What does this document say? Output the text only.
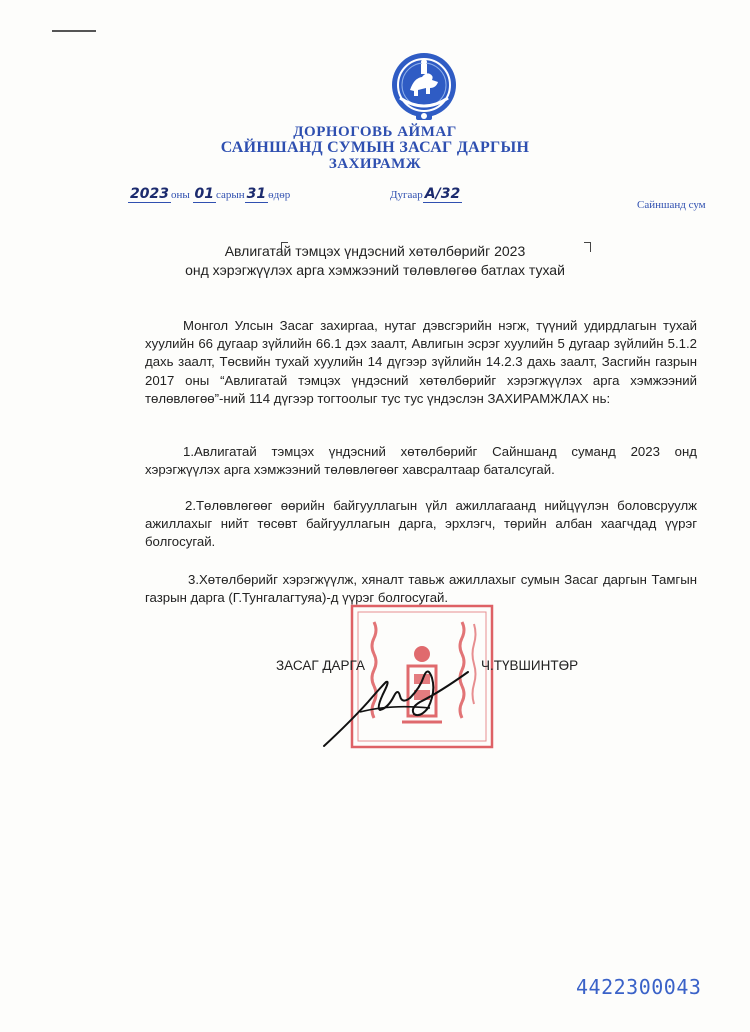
ДОРНОГОВЬ АЙМАГ
САЙНШАНД СУМЫН ЗАСАГ ДАРГЫН
ЗАХИРАМЖ
2023 оны 01 сарын 31 өдөр	Дугаар А/32
Сайншанд сум
Авлигатай тэмцэх үндэсний хөтөлбөрийг 2023
онд хэрэгжүүлэх арга хэмжээний төлөвлөгөө батлах тухай
Монгол Улсын Засаг захиргаа, нутаг дэвсгэрийн нэгж, түүний удирдлагын тухай хуулийн 66 дугаар зүйлийн 66.1 дэх заалт, Авлигын эсрэг хуулийн 5 дугаар зүйлийн 5.1.2 дахь заалт, Төсвийн тухай хуулийн 14 дүгээр зүйлийн 14.2.3 дахь заалт, Засгийн газрын 2017 оны “Авлигатай тэмцэх үндэсний хөтөлбөрийг хэрэгжүүлэх арга хэмжээний төлөвлөгөө”-ний 114 дүгээр тогтоолыг тус тус үндэслэн ЗАХИРАМЖЛАХ нь:
1.Авлигатай тэмцэх үндэсний хөтөлбөрийг Сайншанд суманд 2023 онд хэрэгжүүлэх арга хэмжээний төлөвлөгөөг хавсралтаар баталсугай.
2.Төлөвлөгөөг өөрийн байгууллагын үйл ажиллагаанд нийцүүлэн боловсруулж ажиллахыг нийт төсөвт байгууллагын дарга, эрхлэгч, төрийн албан хаагчдад үүрэг болгосугай.
3.Хөтөлбөрийг хэрэгжүүлж, хяналт тавьж ажиллахыг сумын Засаг даргын Тамгын газрын дарга (Г.Тунгалагтуяа)-д үүрэг болгосугай.
ЗАСАГ ДАРГА	Ч.ТҮВШИНТӨР
4422300043
